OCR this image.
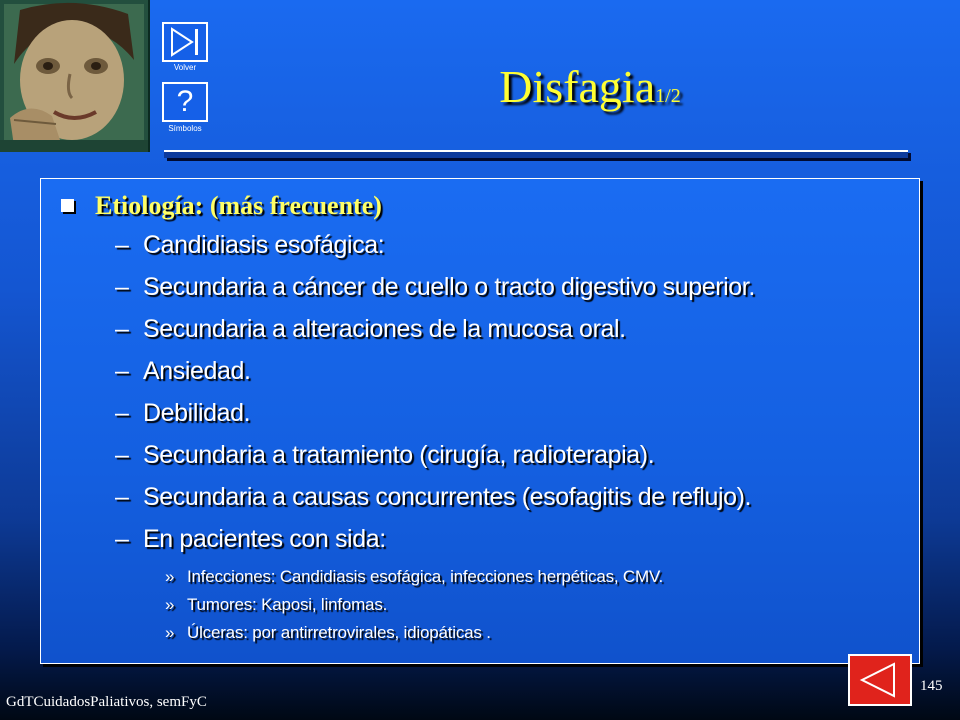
Volver
?
Símbolos
Disfagia1/2
Etiología: (más frecuente)
– Candidiasis esofágica:
– Secundaria a cáncer de cuello o tracto digestivo superior.
– Secundaria a alteraciones de la mucosa oral.
– Ansiedad.
– Debilidad.
– Secundaria a tratamiento (cirugía, radioterapia).
– Secundaria a causas concurrentes (esofagitis de reflujo).
– En pacientes con sida:
» Infecciones: Candidiasis esofágica, infecciones herpéticas, CMV.
» Tumores: Kaposi, linfomas.
» Úlceras: por antirretrovirales, idiopáticas .
145
GdTCuidadosPaliativos, semFyC
